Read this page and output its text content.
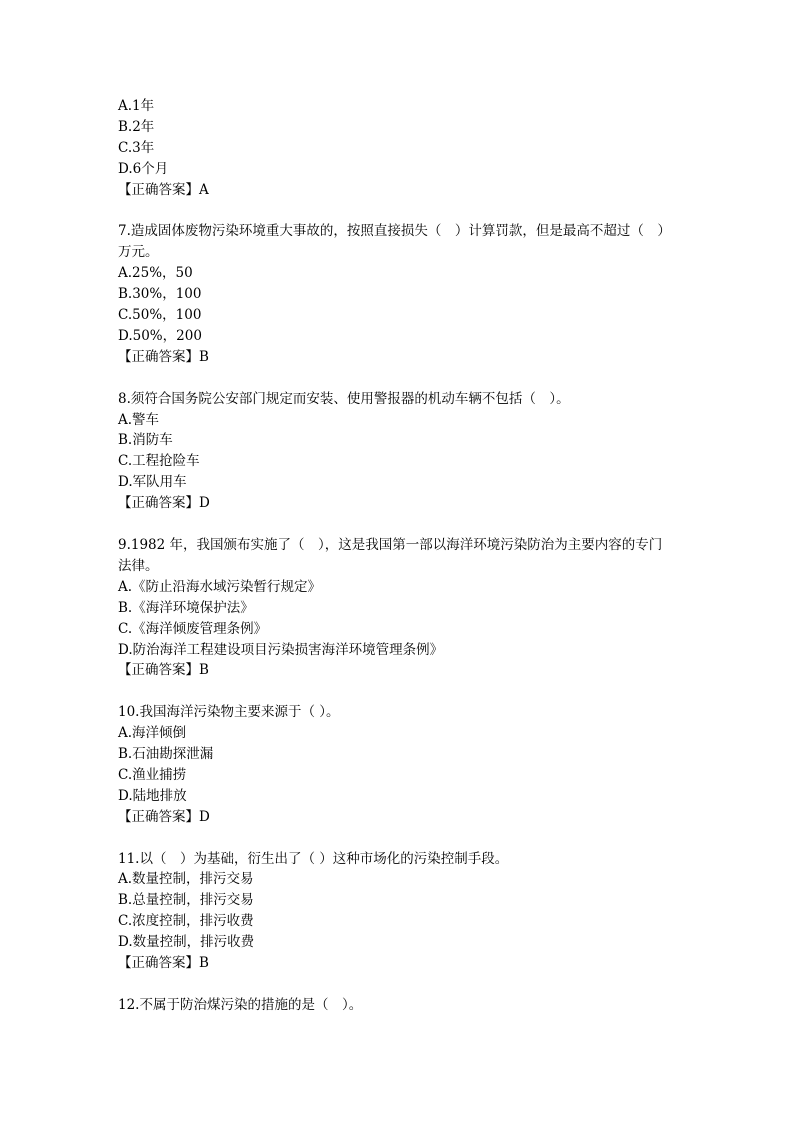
A.1年
B.2年
C.3年
D.6个月
【正确答案】A
7.造成固体废物污染环境重大事故的，按照直接损失（　）计算罚款，但是最高不超过（　）
万元。
A.25%，50
B.30%，100
C.50%，100
D.50%，200
【正确答案】B
8.须符合国务院公安部门规定而安装、使用警报器的机动车辆不包括（　）。
A.警车
B.消防车
C.工程抢险车
D.军队用车
【正确答案】D
9.1982 年，我国颁布实施了（　），这是我国第一部以海洋环境污染防治为主要内容的专门
法律。
A.《防止沿海水域污染暂行规定》
B.《海洋环境保护法》
C.《海洋倾废管理条例》
D.防治海洋工程建设项目污染损害海洋环境管理条例》
【正确答案】B
10.我国海洋污染物主要来源于（ ）。
A.海洋倾倒
B.石油勘探泄漏
C.渔业捕捞
D.陆地排放
【正确答案】D
11.以（　）为基础，衍生出了（ ）这种市场化的污染控制手段。
A.数量控制，排污交易
B.总量控制，排污交易
C.浓度控制，排污收费
D.数量控制，排污收费
【正确答案】B
12.不属于防治煤污染的措施的是（　）。
